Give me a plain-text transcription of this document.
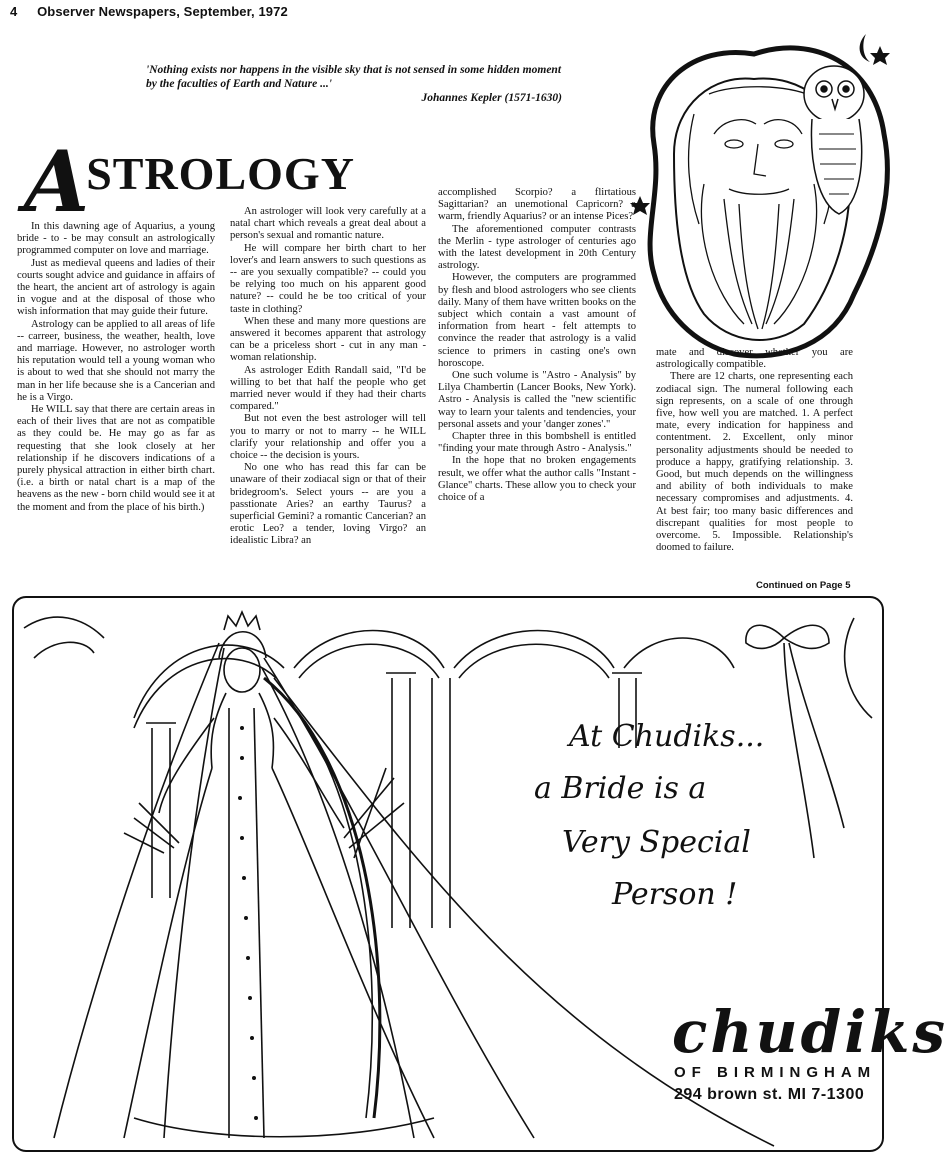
4 Observer Newspapers, September, 1972
'Nothing exists nor happens in the visible sky that is not sensed in some hidden moment by the faculties of Earth and Nature ...'
Johannes Kepler (1571-1630)
ASTROLOGY

In this dawning age of Aquarius, a young bride - to - be may consult an astrologically programmed computer on love and marriage.

Just as medieval queens and ladies of their courts sought advice and guidance in affairs of the heart, the ancient art of astrology is again in vogue and at the disposal of those who wish information that may guide their future.

Astrology can be applied to all areas of life -- carreer, business, the weather, health, love and marriage. However, no astrologer worth his reputation would tell a young woman who is about to wed that she should not marry the man in her life because she is a Cancerian and he is a Virgo.

He WILL say that there are certain areas in each of their lives that are not as compatible as they could be. He may go as far as requesting that she look closely at her relationship if he discovers indications of a purely physical attraction in either birth chart. (i.e. a birth or natal chart is a map of the heavens as the new - born child would see it at the moment and from the place of his birth.)

An astrologer will look very carefully at a natal chart which reveals a great deal about a person's sexual and romantic nature.

He will compare her birth chart to her lover's and learn answers to such questions as -- are you sexually compatible? -- could you be relying too much on his apparent good nature? -- could he be too critical of your taste in clothing?

When these and many more questions are answered it becomes apparent that astrology can be a priceless short - cut in any man - woman relationship.

As astrologer Edith Randall said, "I'd be willing to bet that half the people who get married never would if they had their charts compared."

But not even the best astrologer will tell you to marry or not to marry -- he WILL clarify your relationship and offer you a choice -- the decision is yours.

No one who has read this far can be unaware of their zodiacal sign or that of their bridegroom's. Select yours -- are you a passtionate Aries? an earthy Taurus? a superficial Gemini? a romantic Cancerian? an erotic Leo? a tender, loving Virgo? an idealistic Libra? an

accomplished Scorpio? a flirtatious Sagittarian? an unemotional Capricorn? a warm, friendly Aquarius? or an intense Pices?

The aforementioned computer contrasts the Merlin - type astrologer of centuries ago with the latest development in 20th Century astrology.

However, the computers are programmed by flesh and blood astrologers who see clients daily. Many of them have written books on the subject which contain a vast amount of information from heart - felt attempts to convince the reader that astrology is a valid science to primers in casting one's own horoscope.

One such volume is "Astro - Analysis" by Lilya Chambertin (Lancer Books, New York). Astro - Analysis is called the "new scientific way to learn your talents and tendencies, your personal assets and your 'danger zones'."

Chapter three in this bombshell is entitled "finding your mate through Astro - Analysis."

In the hope that no broken engagements result, we offer what the author calls "Instant - Glance" charts. These allow you to check your choice of a

mate and discover whether you are astrologically compatible.

There are 12 charts, one representing each zodiacal sign. The numeral following each sign represents, on a scale of one through five, how well you are matched. 1. A perfect mate, every indication for happiness and contentment. 2. Excellent, only minor personality adjustments should be needed to produce a happy, gratifying relationship. 3. Good, but much depends on the willingness and ability of both individuals to make necessary compromises and adjustments. 4. At best fair; too many basic differences and discrepant qualities for most people to overcome. 5. Impossible. Relationship's doomed to failure.

Continued on Page 5
At Chudiks...
a Bride is a
Very Special
Person !
chudiks
OF BIRMINGHAM
294 brown st. MI 7-1300
